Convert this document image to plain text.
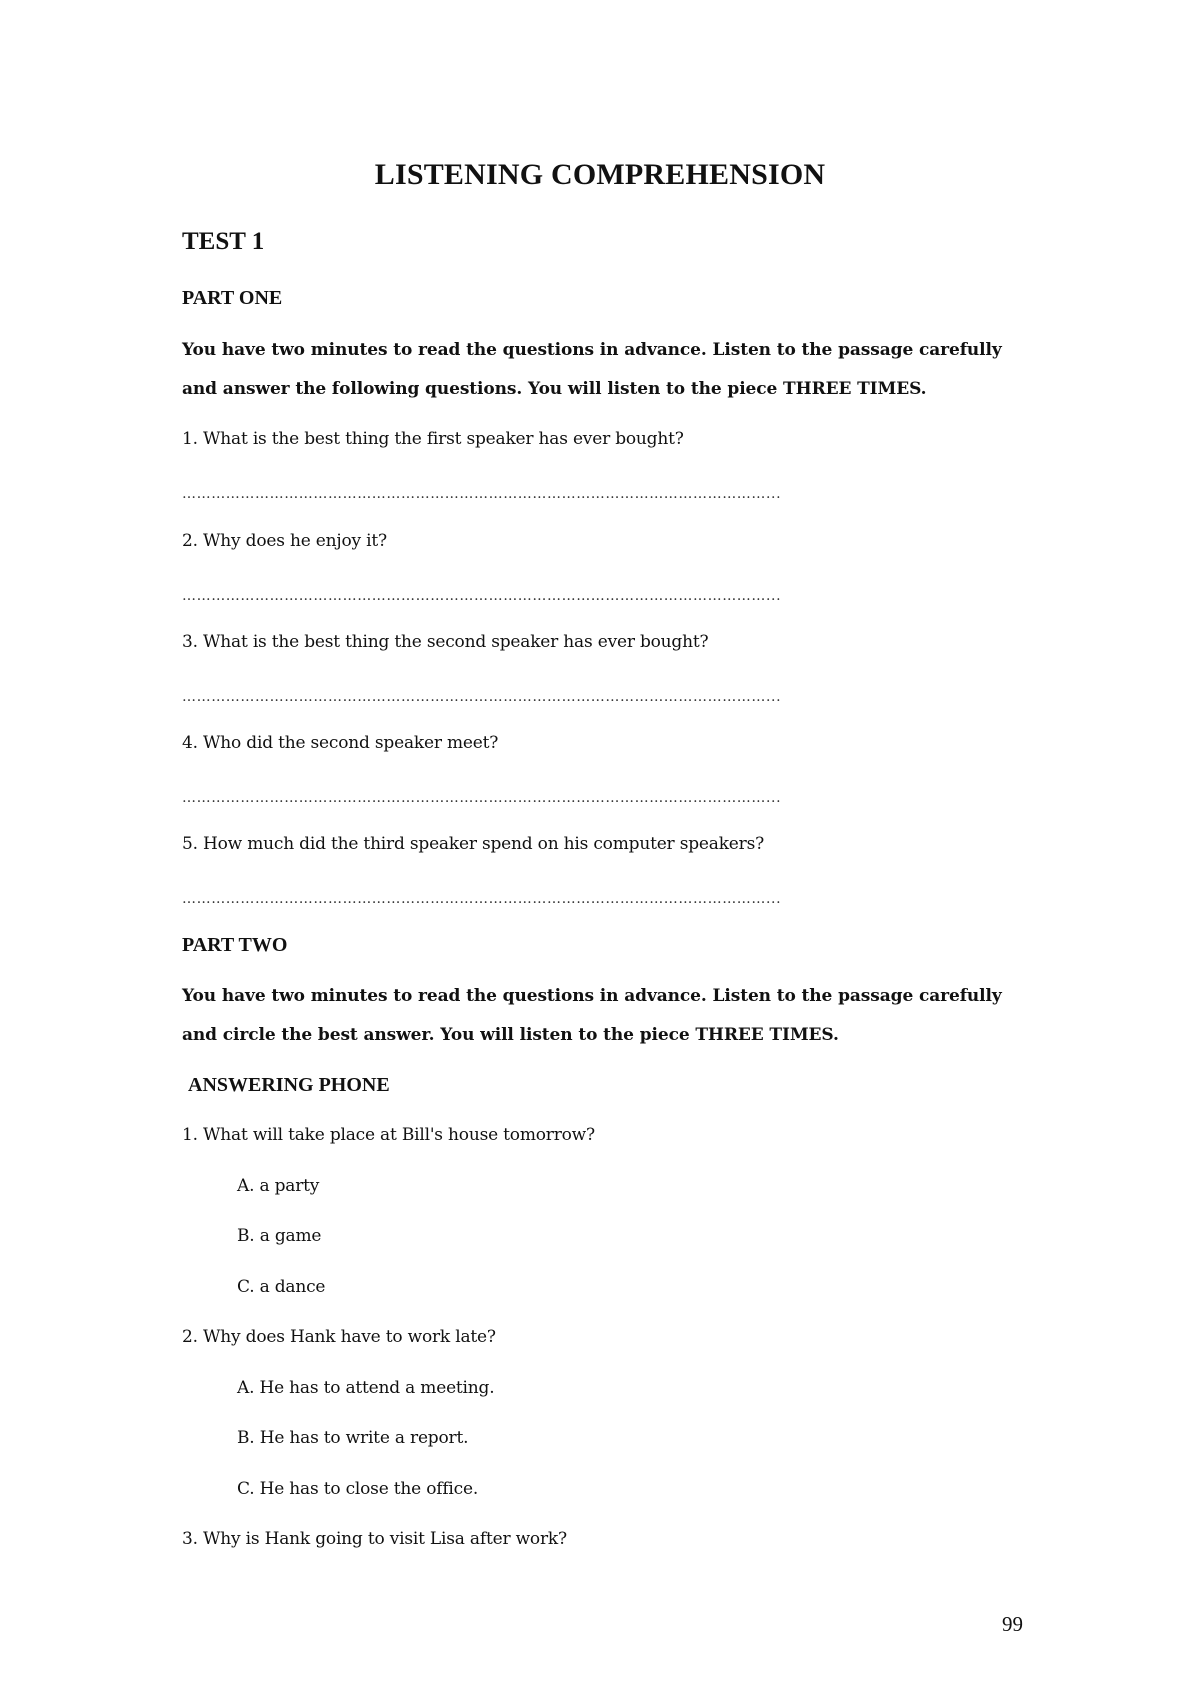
LISTENING COMPREHENSION
TEST 1
PART ONE
You have two minutes to read the questions in advance. Listen to the passage carefully
and answer the following questions. You will listen to the piece THREE TIMES.
1. What is the best thing the first speaker has ever bought?
…………………………………………………………………………………………………………...
2. Why does he enjoy it?
…………………………………………………………………………………………………………...
3. What is the best thing the second speaker has ever bought?
…………………………………………………………………………………………………………...
4. Who did the second speaker meet?
…………………………………………………………………………………………………………...
5. How much did the third speaker spend on his computer speakers?
…………………………………………………………………………………………………………...
PART TWO
You have two minutes to read the questions in advance. Listen to the passage carefully
and circle the best answer. You will listen to the piece THREE TIMES.
ANSWERING PHONE
1. What will take place at Bill's house tomorrow?
A. a party
B. a game
C. a dance
2. Why does Hank have to work late?
A. He has to attend a meeting.
B. He has to write a report.
C. He has to close the office.
3. Why is Hank going to visit Lisa after work?
99
